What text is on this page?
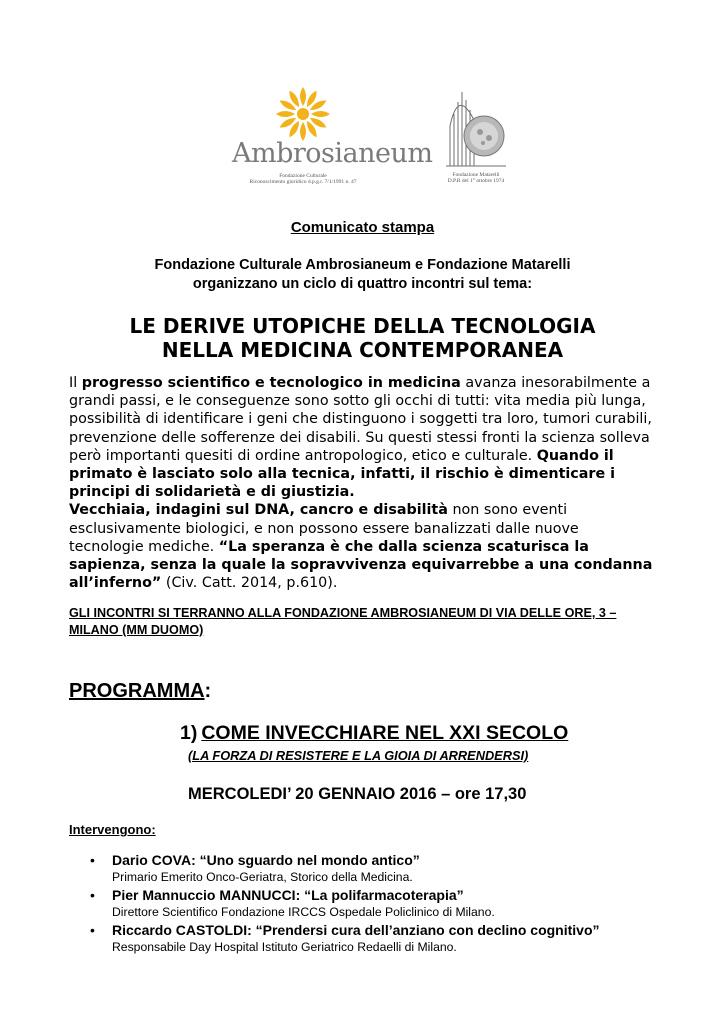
Ambrosianeum
Fondazione Culturale
Riconoscimento giuridico d.p.g.r. 7/1/1991 n. 47
Fondazione Matarelli
D.P.R del 1° ottobre 1974
Comunicato stampa
Fondazione Culturale Ambrosianeum e Fondazione Matarelli
organizzano un ciclo di quattro incontri sul tema:
LE DERIVE UTOPICHE DELLA TECNOLOGIA
NELLA MEDICINA CONTEMPORANEA
Il progresso scientifico e tecnologico in medicina avanza inesorabilmente a grandi passi, e le conseguenze sono sotto gli occhi di tutti: vita media più lunga, possibilità di identificare i geni che distinguono i soggetti tra loro, tumori curabili, prevenzione delle sofferenze dei disabili. Su questi stessi fronti la scienza solleva però importanti quesiti di ordine antropologico, etico e culturale. Quando il primato è lasciato solo alla tecnica, infatti, il rischio è dimenticare i principi di solidarietà e di giustizia.
Vecchiaia, indagini sul DNA, cancro e disabilità non sono eventi esclusivamente biologici, e non possono essere banalizzati dalle nuove tecnologie mediche. “La speranza è che dalla scienza scaturisca la sapienza, senza la quale la sopravvivenza equivarrebbe a una condanna all’inferno” (Civ. Catt. 2014, p.610).
GLI INCONTRI SI TERRANNO ALLA FONDAZIONE AMBROSIANEUM DI VIA DELLE ORE, 3 – MILANO (MM DUOMO)
PROGRAMMA:
1) COME INVECCHIARE NEL XXI SECOLO
(LA FORZA DI RESISTERE E LA GIOIA DI ARRENDERSI)
MERCOLEDI’ 20 GENNAIO 2016 – ore 17,30
Intervengono:
• Dario COVA: “Uno sguardo nel mondo antico”
Primario Emerito Onco-Geriatra, Storico della Medicina.
• Pier Mannuccio MANNUCCI: “La polifarmacoterapia”
Direttore Scientifico Fondazione IRCCS Ospedale Policlinico di Milano.
• Riccardo CASTOLDI: “Prendersi cura dell’anziano con declino cognitivo”
Responsabile Day Hospital Istituto Geriatrico Redaelli di Milano.
